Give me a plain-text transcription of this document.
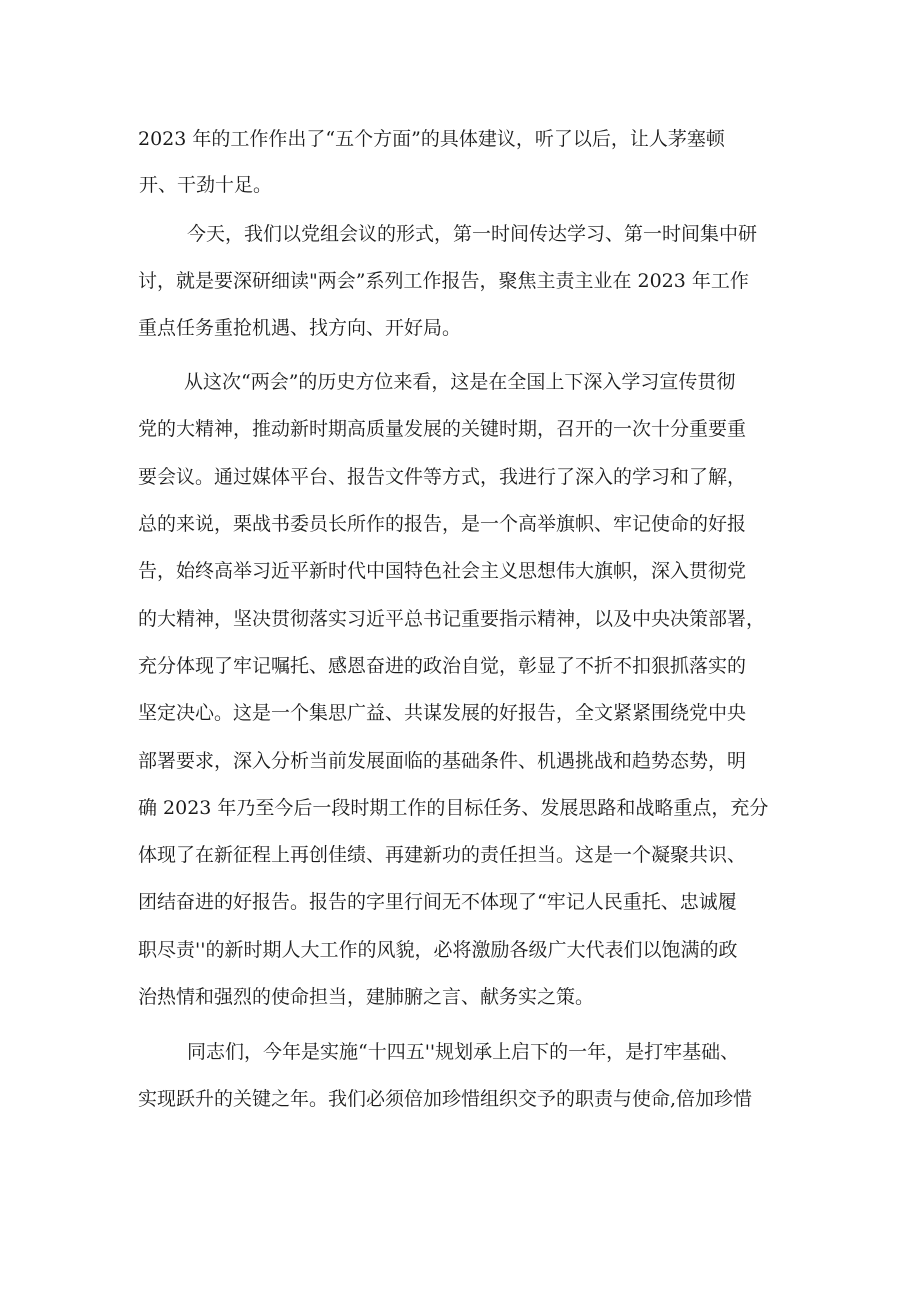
2023 年的工作作出了“五个方面”的具体建议，听了以后，让人茅塞顿
开、干劲十足。
今天，我们以党组会议的形式，第一时间传达学习、第一时间集中研
讨，就是要深研细读"两会”系列工作报告，聚焦主责主业在 2023 年工作
重点任务重抢机遇、找方向、开好局。
从这次“两会”的历史方位来看，这是在全国上下深入学习宣传贯彻
党的大精神，推动新时期高质量发展的关键时期，召开的一次十分重要重
要会议。通过媒体平台、报告文件等方式，我进行了深入的学习和了解，
总的来说，栗战书委员长所作的报告，是一个高举旗帜、牢记使命的好报
告，始终高举习近平新时代中国特色社会主义思想伟大旗帜，深入贯彻党
的大精神，坚决贯彻落实习近平总书记重要指示精神，以及中央决策部署，
充分体现了牢记嘱托、感恩奋进的政治自觉，彰显了不折不扣狠抓落实的
坚定决心。这是一个集思广益、共谋发展的好报告，全文紧紧围绕党中央
部署要求，深入分析当前发展面临的基础条件、机遇挑战和趋势态势，明
确 2023 年乃至今后一段时期工作的目标任务、发展思路和战略重点，充分
体现了在新征程上再创佳绩、再建新功的责任担当。这是一个凝聚共识、
团结奋进的好报告。报告的字里行间无不体现了“牢记人民重托、忠诚履
职尽责''的新时期人大工作的风貌，必将激励各级广大代表们以饱满的政
治热情和强烈的使命担当，建肺腑之言、献务实之策。
同志们，今年是实施“十四五''规划承上启下的一年，是打牢基础、
实现跃升的关键之年。我们必须倍加珍惜组织交予的职责与使命,倍加珍惜
